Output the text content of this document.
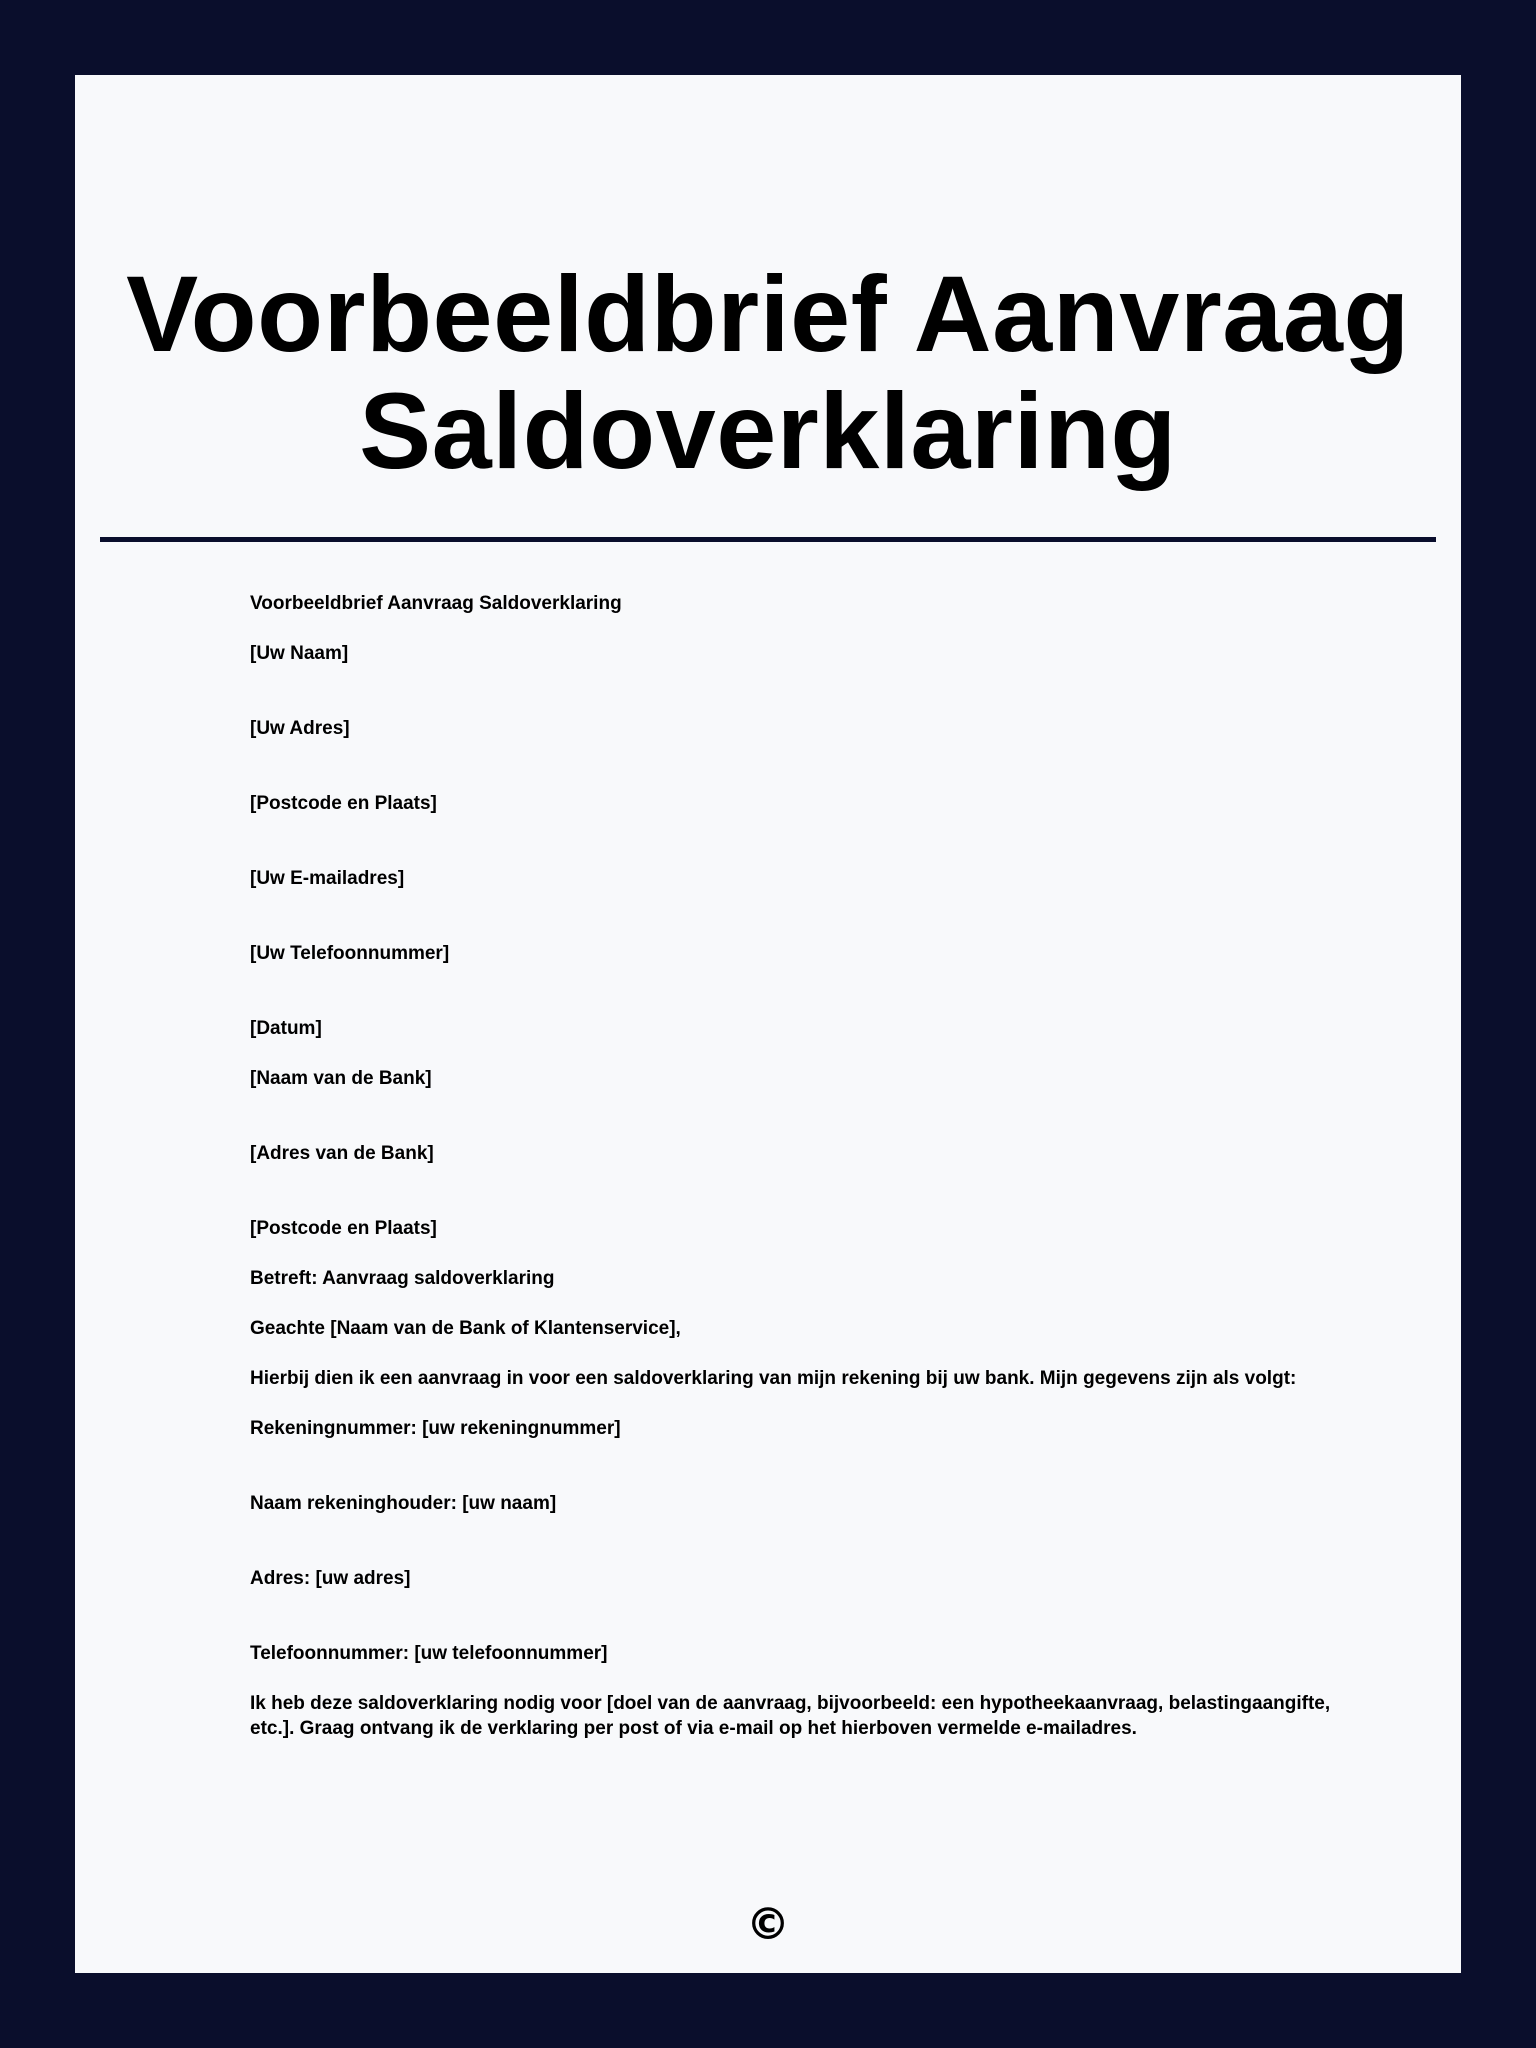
Voorbeeldbrief Aanvraag
Saldoverklaring
Voorbeeldbrief Aanvraag Saldoverklaring
[Uw Naam]
[Uw Adres]
[Postcode en Plaats]
[Uw E-mailadres]
[Uw Telefoonnummer]
[Datum]
[Naam van de Bank]
[Adres van de Bank]
[Postcode en Plaats]
Betreft: Aanvraag saldoverklaring
Geachte [Naam van de Bank of Klantenservice],
Hierbij dien ik een aanvraag in voor een saldoverklaring van mijn rekening bij uw bank. Mijn gegevens zijn als volgt:
Rekeningnummer: [uw rekeningnummer]
Naam rekeninghouder: [uw naam]
Adres: [uw adres]
Telefoonnummer: [uw telefoonnummer]
Ik heb deze saldoverklaring nodig voor [doel van de aanvraag, bijvoorbeeld: een hypotheekaanvraag, belastingaangifte, etc.]. Graag ontvang ik de verklaring per post of via e-mail op het hierboven vermelde e-mailadres.
©
